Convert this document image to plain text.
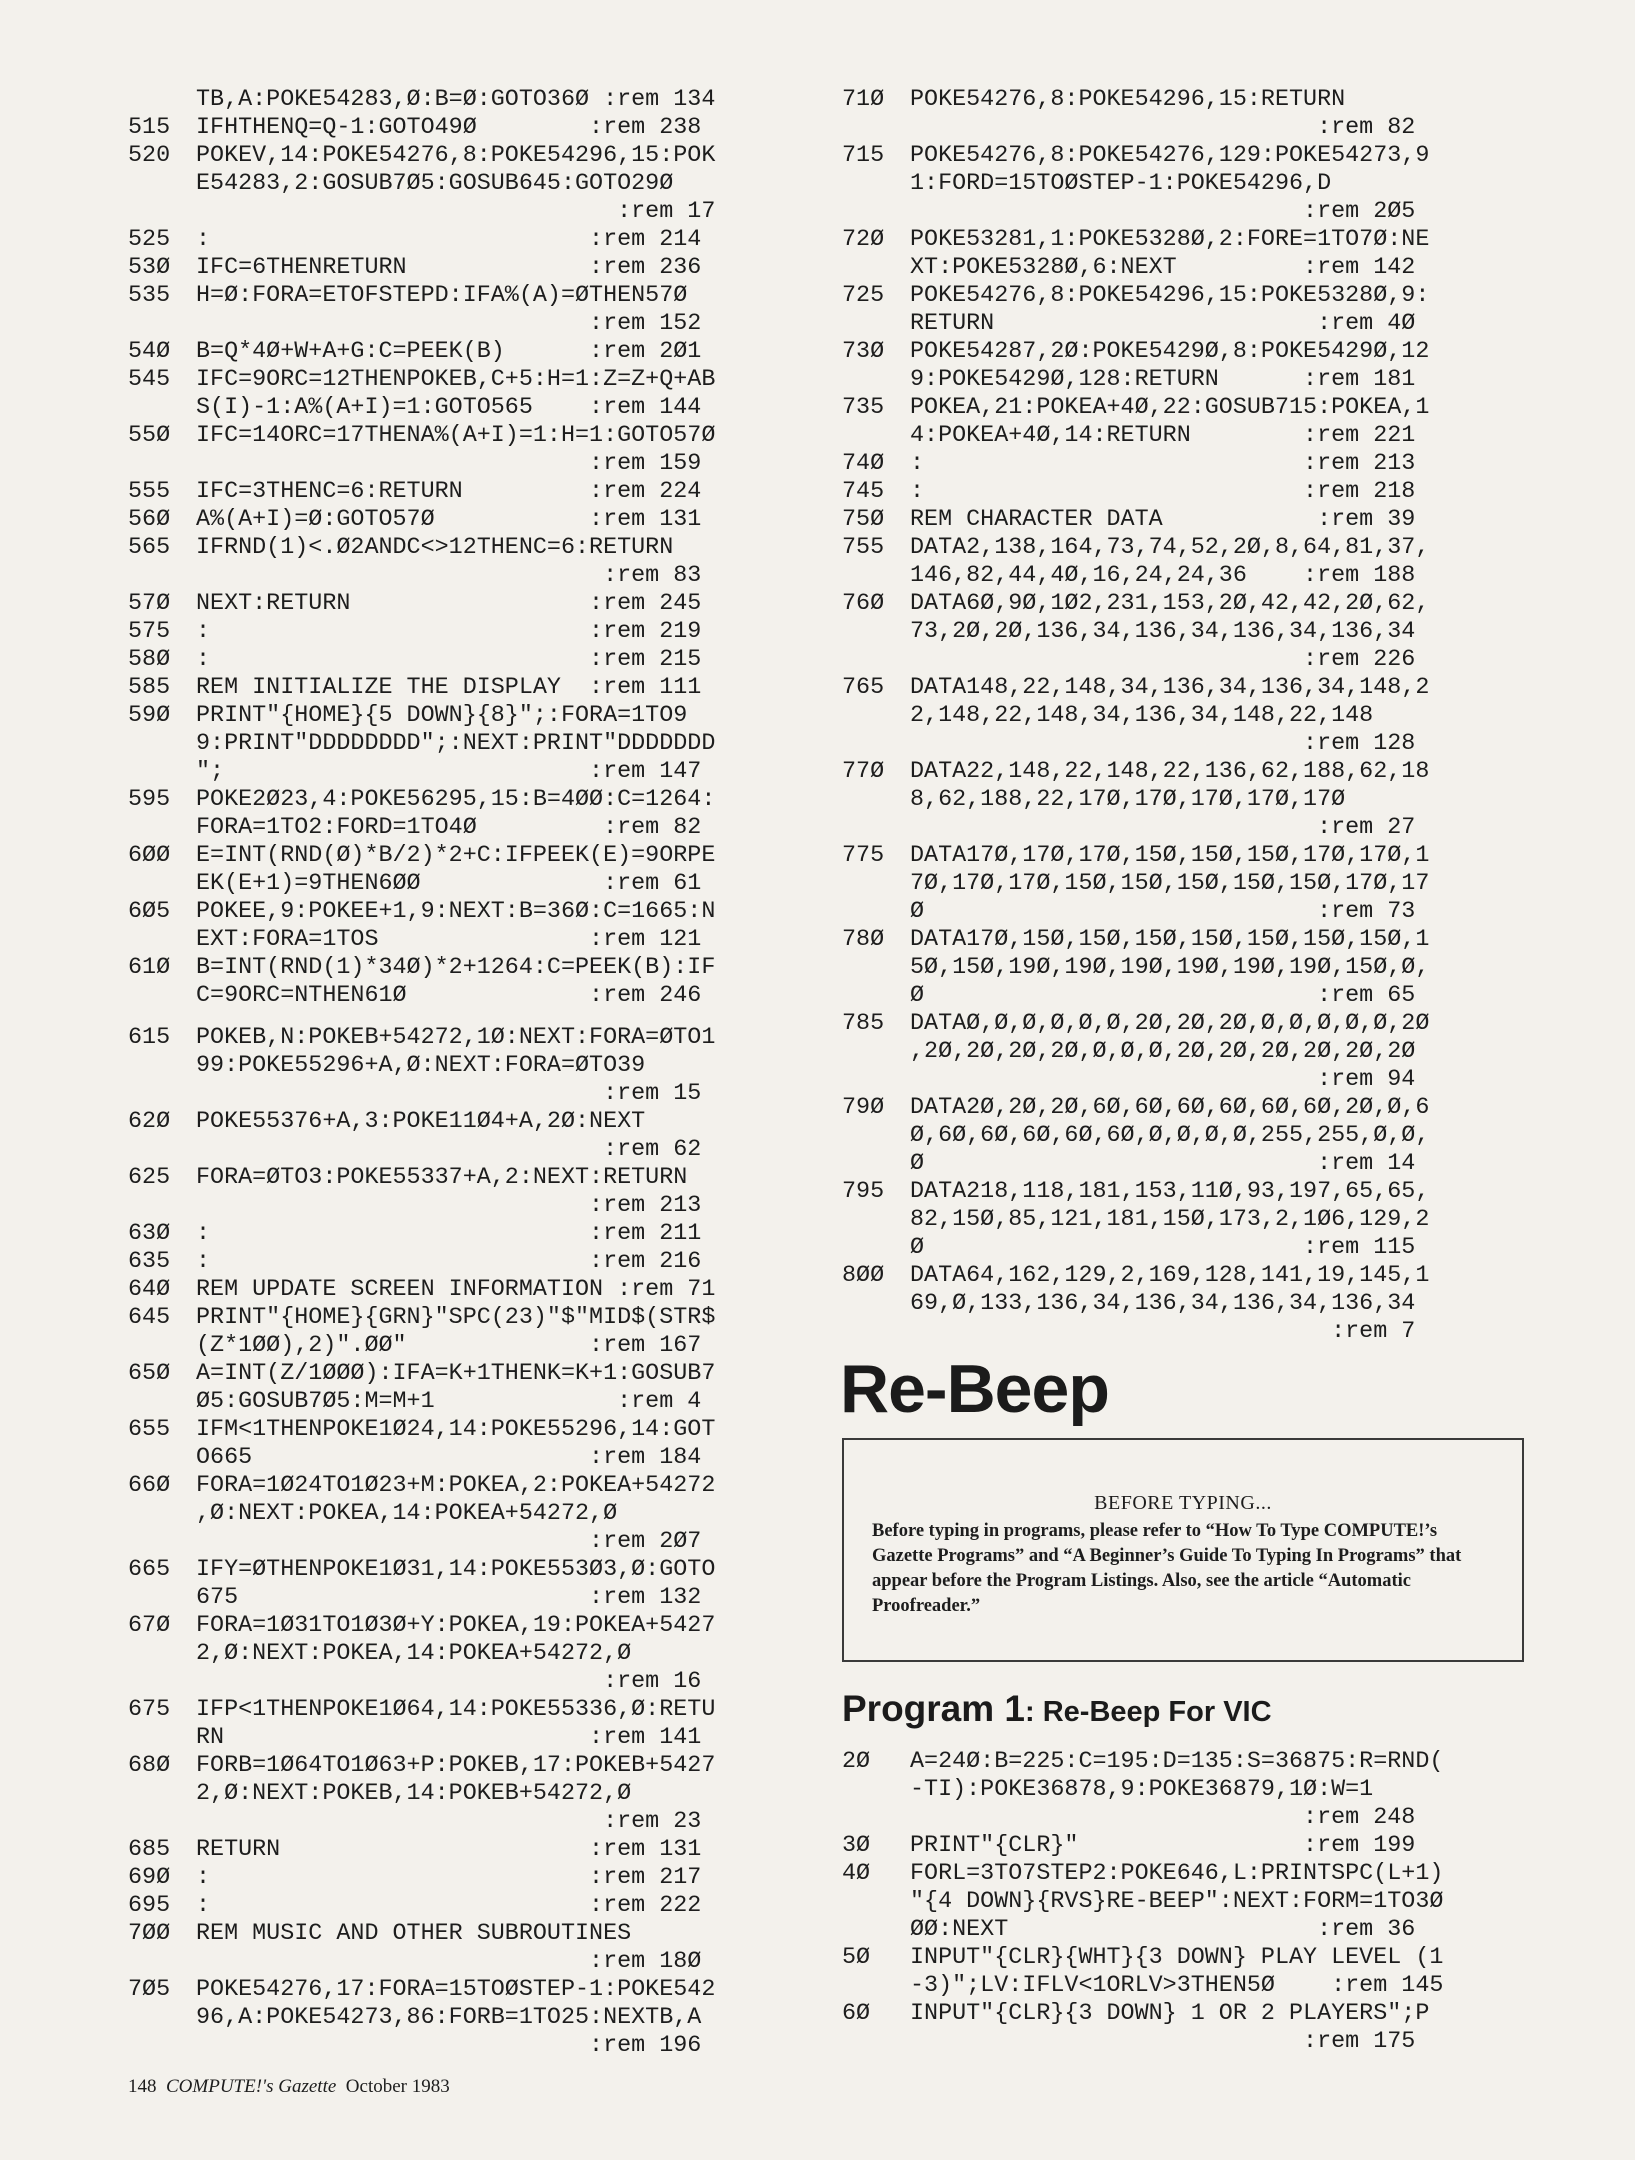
TB,A:POKE54283,Ø:B=Ø:GOTO36Ø :rem 134
515	IFHTHENQ=Q-1:GOTO49Ø        :rem 238
520	POKEV,14:POKE54276,8:POKE54296,15:POK
E54283,2:GOSUB7Ø5:GOSUB645:GOTO29Ø
:rem 17
525	:                           :rem 214
53Ø	IFC=6THENRETURN             :rem 236
535	H=Ø:FORA=ETOFSTEPD:IFA%(A)=ØTHEN57Ø
:rem 152
54Ø	B=Q*4Ø+W+A+G:C=PEEK(B)      :rem 2Ø1
545	IFC=9ORC=12THENPOKEB,C+5:H=1:Z=Z+Q+AB
S(I)-1:A%(A+I)=1:GOTO565    :rem 144
55Ø	IFC=14ORC=17THENA%(A+I)=1:H=1:GOTO57Ø
:rem 159
555	IFC=3THENC=6:RETURN         :rem 224
56Ø	A%(A+I)=Ø:GOTO57Ø           :rem 131
565	IFRND(1)<.Ø2ANDC<>12THENC=6:RETURN
:rem 83
57Ø	NEXT:RETURN                 :rem 245
575	:                           :rem 219
58Ø	:                           :rem 215
585	REM INITIALIZE THE DISPLAY  :rem 111
59Ø	PRINT"{HOME}{5 DOWN}{8}";:FORA=1TO9
9:PRINT"DDDDDDDD";:NEXT:PRINT"DDDDDDD
";                          :rem 147
595	POKE2Ø23,4:POKE56295,15:B=4ØØ:C=1264:
FORA=1TO2:FORD=1TO4Ø         :rem 82
6ØØ	E=INT(RND(Ø)*B/2)*2+C:IFPEEK(E)=9ORPE
EK(E+1)=9THEN6ØØ             :rem 61
6Ø5	POKEE,9:POKEE+1,9:NEXT:B=36Ø:C=1665:N
EXT:FORA=1TOS               :rem 121
61Ø	B=INT(RND(1)*34Ø)*2+1264:C=PEEK(B):IF
C=9ORC=NTHEN61Ø             :rem 246
615	POKEB,N:POKEB+54272,1Ø:NEXT:FORA=ØTO1
99:POKE55296+A,Ø:NEXT:FORA=ØTO39
:rem 15
62Ø	POKE55376+A,3:POKE11Ø4+A,2Ø:NEXT
:rem 62
625	FORA=ØTO3:POKE55337+A,2:NEXT:RETURN
:rem 213
63Ø	:                           :rem 211
635	:                           :rem 216
64Ø	REM UPDATE SCREEN INFORMATION :rem 71
645	PRINT"{HOME}{GRN}"SPC(23)"$"MID$(STR$
(Z*1ØØ),2)".ØØ"             :rem 167
65Ø	A=INT(Z/1ØØØ):IFA=K+1THENK=K+1:GOSUB7
Ø5:GOSUB7Ø5:M=M+1             :rem 4
655	IFM<1THENPOKE1Ø24,14:POKE55296,14:GOT
O665                        :rem 184
66Ø	FORA=1Ø24TO1Ø23+M:POKEA,2:POKEA+54272
,Ø:NEXT:POKEA,14:POKEA+54272,Ø
:rem 2Ø7
665	IFY=ØTHENPOKE1Ø31,14:POKE553Ø3,Ø:GOTO
675                         :rem 132
67Ø	FORA=1Ø31TO1Ø3Ø+Y:POKEA,19:POKEA+5427
2,Ø:NEXT:POKEA,14:POKEA+54272,Ø
:rem 16
675	IFP<1THENPOKE1Ø64,14:POKE55336,Ø:RETU
RN                          :rem 141
68Ø	FORB=1Ø64TO1Ø63+P:POKEB,17:POKEB+5427
2,Ø:NEXT:POKEB,14:POKEB+54272,Ø
:rem 23
685	RETURN                      :rem 131
69Ø	:                           :rem 217
695	:                           :rem 222
7ØØ	REM MUSIC AND OTHER SUBROUTINES
:rem 18Ø
7Ø5	POKE54276,17:FORA=15TOØSTEP-1:POKE542
96,A:POKE54273,86:FORB=1TO25:NEXTB,A
:rem 196
71Ø	POKE54276,8:POKE54296,15:RETURN
:rem 82
715	POKE54276,8:POKE54276,129:POKE54273,9
1:FORD=15TOØSTEP-1:POKE54296,D
:rem 2Ø5
72Ø	POKE53281,1:POKE5328Ø,2:FORE=1TO7Ø:NE
XT:POKE5328Ø,6:NEXT         :rem 142
725	POKE54276,8:POKE54296,15:POKE5328Ø,9:
RETURN                       :rem 4Ø
73Ø	POKE54287,2Ø:POKE5429Ø,8:POKE5429Ø,12
9:POKE5429Ø,128:RETURN      :rem 181
735	POKEA,21:POKEA+4Ø,22:GOSUB715:POKEA,1
4:POKEA+4Ø,14:RETURN        :rem 221
74Ø	:                           :rem 213
745	:                           :rem 218
75Ø	REM CHARACTER DATA           :rem 39
755	DATA2,138,164,73,74,52,2Ø,8,64,81,37,
146,82,44,4Ø,16,24,24,36    :rem 188
76Ø	DATA6Ø,9Ø,1Ø2,231,153,2Ø,42,42,2Ø,62,
73,2Ø,2Ø,136,34,136,34,136,34,136,34
:rem 226
765	DATA148,22,148,34,136,34,136,34,148,2
2,148,22,148,34,136,34,148,22,148
:rem 128
77Ø	DATA22,148,22,148,22,136,62,188,62,18
8,62,188,22,17Ø,17Ø,17Ø,17Ø,17Ø
:rem 27
775	DATA17Ø,17Ø,17Ø,15Ø,15Ø,15Ø,17Ø,17Ø,1
7Ø,17Ø,17Ø,15Ø,15Ø,15Ø,15Ø,15Ø,17Ø,17
Ø                            :rem 73
78Ø	DATA17Ø,15Ø,15Ø,15Ø,15Ø,15Ø,15Ø,15Ø,1
5Ø,15Ø,19Ø,19Ø,19Ø,19Ø,19Ø,19Ø,15Ø,Ø,
Ø                            :rem 65
785	DATAØ,Ø,Ø,Ø,Ø,Ø,2Ø,2Ø,2Ø,Ø,Ø,Ø,Ø,Ø,2Ø
,2Ø,2Ø,2Ø,2Ø,Ø,Ø,Ø,2Ø,2Ø,2Ø,2Ø,2Ø,2Ø
:rem 94
79Ø	DATA2Ø,2Ø,2Ø,6Ø,6Ø,6Ø,6Ø,6Ø,6Ø,2Ø,Ø,6
Ø,6Ø,6Ø,6Ø,6Ø,6Ø,Ø,Ø,Ø,Ø,255,255,Ø,Ø,
Ø                            :rem 14
795	DATA218,118,181,153,11Ø,93,197,65,65,
82,15Ø,85,121,181,15Ø,173,2,1Ø6,129,2
Ø                           :rem 115
8ØØ	DATA64,162,129,2,169,128,141,19,145,1
69,Ø,133,136,34,136,34,136,34,136,34
:rem 7
Re-Beep
BEFORE TYPING...
Before typing in programs, please refer to “How To Type COMPUTE!’s Gazette Programs” and “A Beginner’s Guide To Typing In Programs” that appear before the Program Listings. Also, see the article “Automatic Proofreader.”
Program 1: Re-Beep For VIC
2Ø	A=24Ø:B=225:C=195:D=135:S=36875:R=RND(
-TI):POKE36878,9:POKE36879,1Ø:W=1
:rem 248
3Ø	PRINT"{CLR}"                :rem 199
4Ø	FORL=3TO7STEP2:POKE646,L:PRINTSPC(L+1)
"{4 DOWN}{RVS}RE-BEEP":NEXT:FORM=1TO3Ø
ØØ:NEXT                      :rem 36
5Ø	INPUT"{CLR}{WHT}{3 DOWN} PLAY LEVEL (1
-3)";LV:IFLV<1ORLV>3THEN5Ø    :rem 145
6Ø	INPUT"{CLR}{3 DOWN} 1 OR 2 PLAYERS";P
:rem 175
148 COMPUTE!'s Gazette October 1983
